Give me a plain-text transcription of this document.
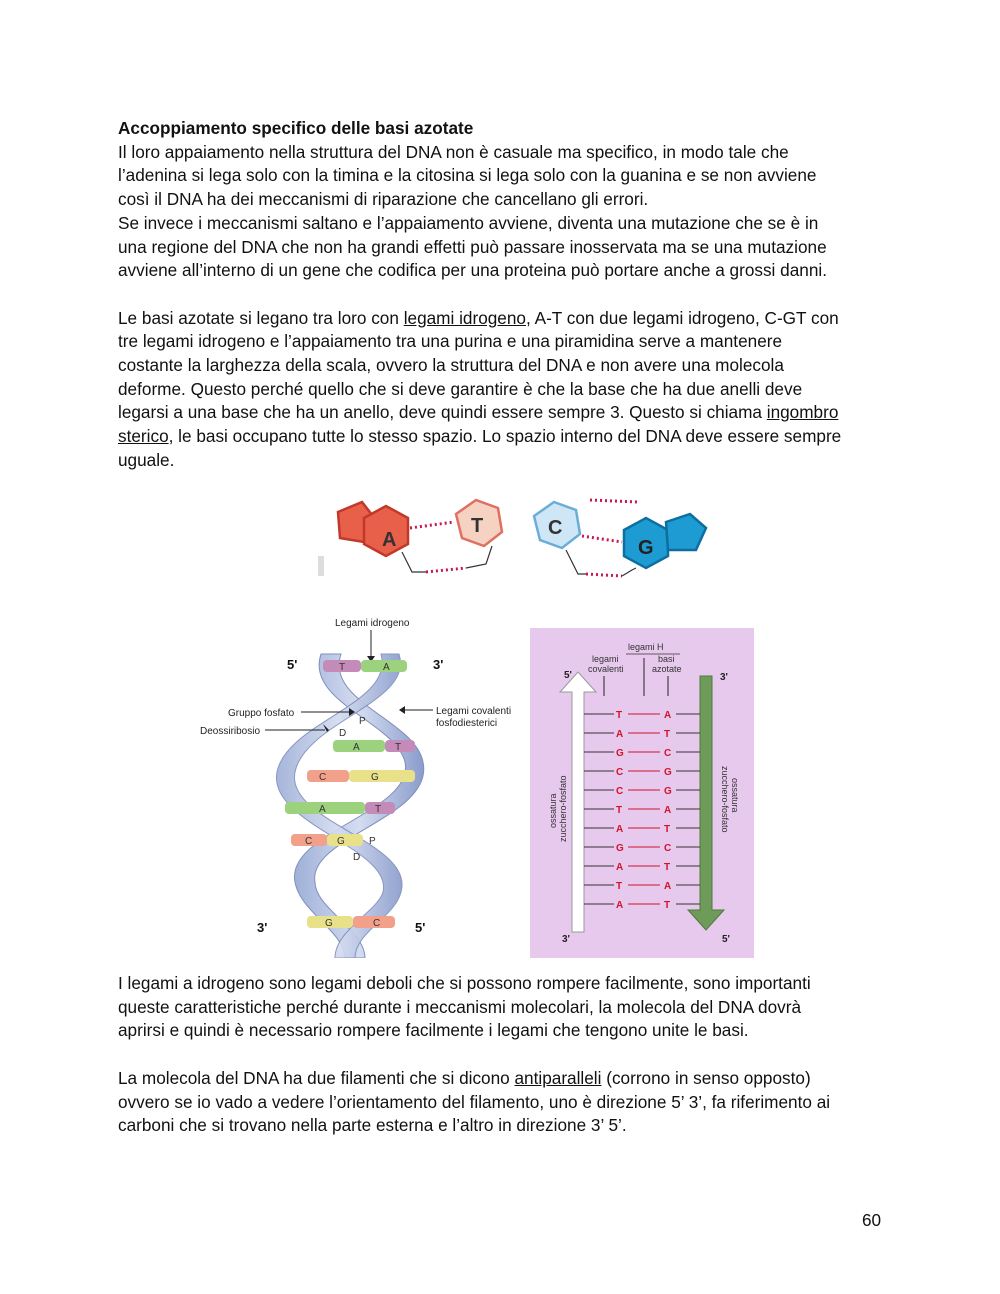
Accoppiamento specifico delle basi azotate

Il loro appaiamento nella struttura del DNA non è casuale ma specifico, in modo tale che

l’adenina si lega solo con la timina e la citosina si lega solo con la guanina e se non avviene

così il DNA ha dei meccanismi di riparazione che cancellano gli errori.

Se invece i meccanismi saltano e l’appaiamento avviene, diventa una mutazione che se è in

una regione del DNA che non ha grandi effetti può passare inosservata ma se una mutazione

avviene all’interno di un gene che codifica per una proteina può portare anche a grossi danni.

Le basi azotate si legano tra loro con legami idrogeno, A-T con due legami idrogeno, C-GT con

tre legami idrogeno e l’appaiamento tra una purina e una piramidina serve a mantenere

costante la larghezza della scala, ovvero la struttura del DNA e non avere una molecola

deforme. Questo perché quello che si deve garantire è che la base che ha due anelli deve

legarsi a una base che ha un anello, deve quindi essere sempre 3. Questo si chiama ingombro

sterico, le basi occupano tutte lo stesso spazio. Lo spazio interno del DNA deve essere sempre

uguale.

A
T	C
G
Legami idrogeno
5'	3'
3'	5'
T	A
A	T
C	G
A	T
C G
G	C
P
D
P
D
Gruppo fosfato
Deossiribosio
Legami covalenti
fosfodiesterici
legami H
legami
covalenti
basi
azotate
5'	3'
3'	5'
ossatura zucchero-fosfato	ossatura
zucchero-fosfato
T	A
A	T
G	C
C	G
C	G
T	A
A	T
G	C
A	T
T	A
A	T

I legami a idrogeno sono legami deboli che si possono rompere facilmente, sono importanti

queste caratteristiche perché durante i meccanismi molecolari, la molecola del DNA dovrà

aprirsi e quindi è necessario rompere facilmente i legami che tengono unite le basi.

La molecola del DNA ha due filamenti che si dicono antiparalleli (corrono in senso opposto)

ovvero se io vado a vedere l’orientamento del filamento, uno è direzione 5’ 3’, fa riferimento ai

carboni che si trovano nella parte esterna e l’altro in direzione 3’ 5’.

60
